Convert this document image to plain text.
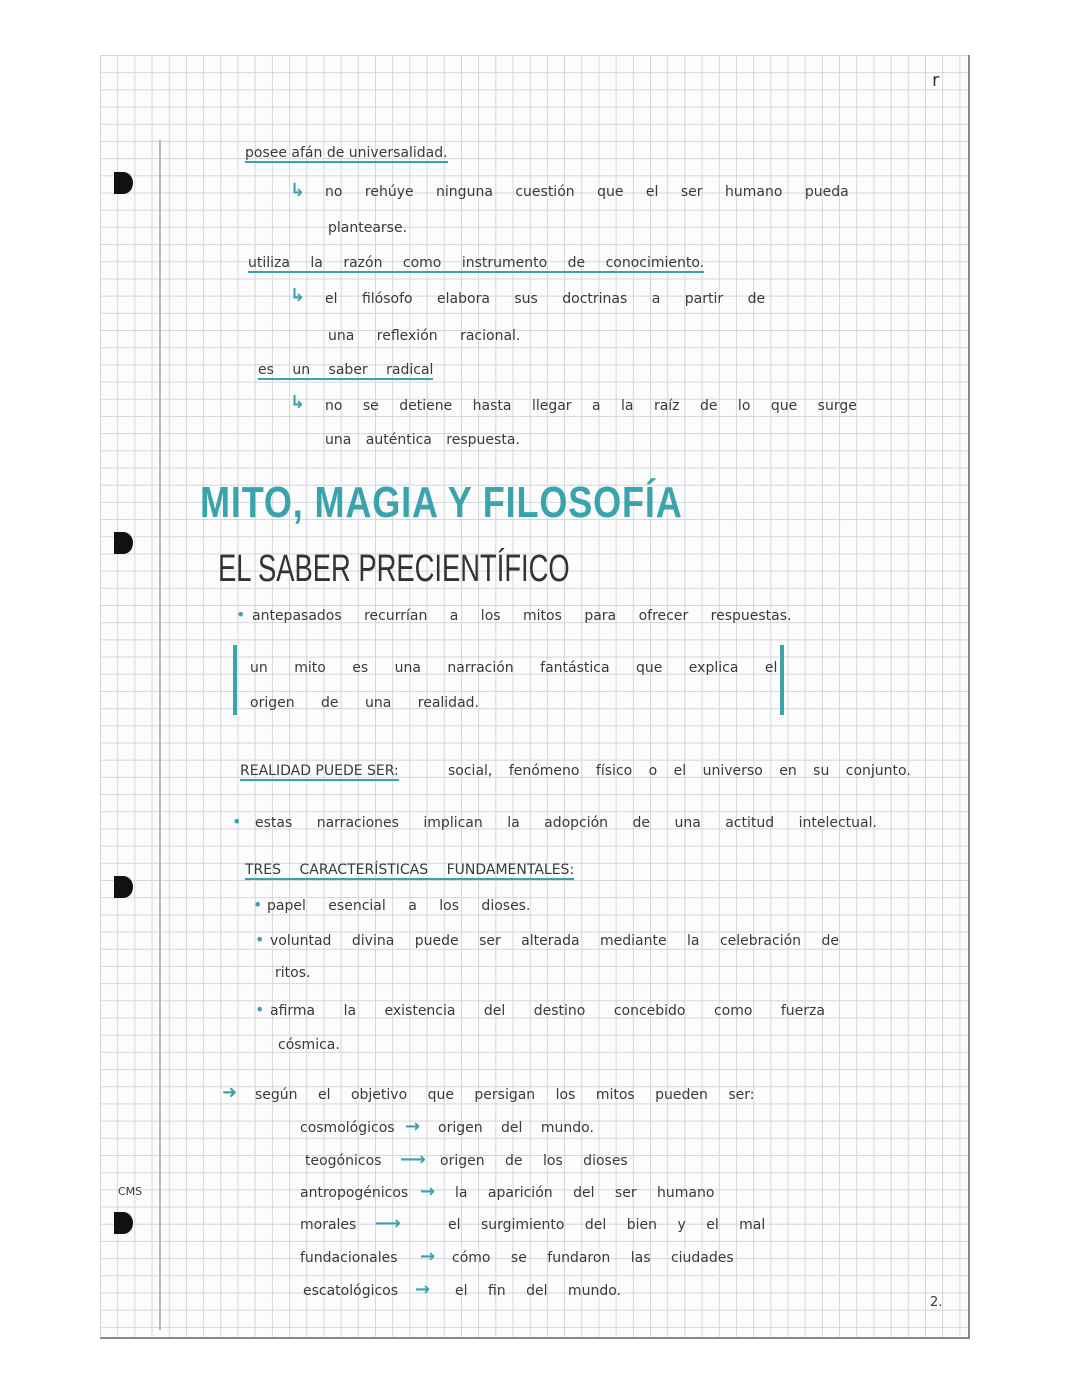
r
CMS
2.
posee afán de universalidad.
↳ no rehúye ninguna cuestión que el ser humano pueda
plantearse.
utiliza la razón como instrumento de conocimiento.
↳ el filósofo elabora sus doctrinas a partir de
una reflexión racional.
es un saber radical
↳ no se detiene hasta llegar a la raíz de lo que surge
una auténtica respuesta.
MITO, MAGIA Y FILOSOFÍA
EL SABER PRECIENTÍFICO
• antepasados recurrían a los mitos para ofrecer respuestas.
un mito es una narración fantástica que explica el
origen de una realidad.
REALIDAD PUEDE SER:	social, fenómeno físico o el universo en su conjunto.
• estas narraciones implican la adopción de una actitud intelectual.
TRES CARACTERÍSTICAS FUNDAMENTALES:
• papel esencial a los dioses.
• voluntad divina puede ser alterada mediante la celebración de
ritos.
• afirma la existencia del destino concebido como fuerza
cósmica.
➜ según el objetivo que persigan los mitos pueden ser:
cosmológicos → origen del mundo.
teogónicos ⟶ origen de los dioses
antropogénicos → la aparición del ser humano
morales ⟶	el surgimiento del bien y el mal
fundacionales → cómo se fundaron las ciudades
escatológicos → el fin del mundo.
